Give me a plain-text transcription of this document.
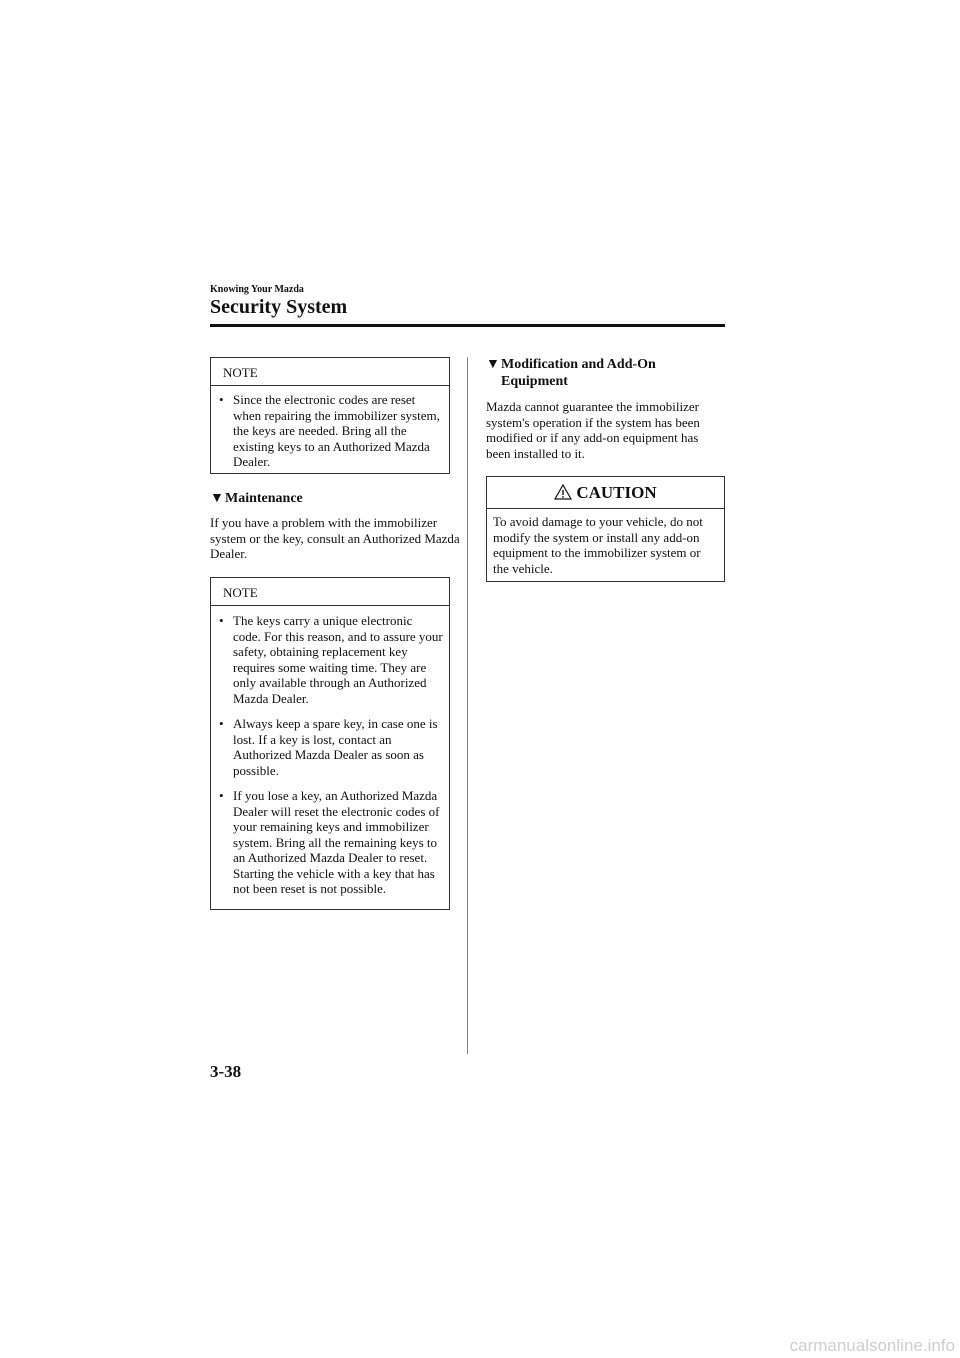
Knowing Your Mazda
Security System
NOTE
• Since the electronic codes are reset when repairing the immobilizer system, the keys are needed. Bring all the existing keys to an Authorized Mazda Dealer.
▼Maintenance
If you have a problem with the immobilizer system or the key, consult an Authorized Mazda Dealer.
NOTE
• The keys carry a unique electronic code. For this reason, and to assure your safety, obtaining replacement key requires some waiting time. They are only available through an Authorized Mazda Dealer.
• Always keep a spare key, in case one is lost. If a key is lost, contact an Authorized Mazda Dealer as soon as possible.
• If you lose a key, an Authorized Mazda Dealer will reset the electronic codes of your remaining keys and immobilizer system. Bring all the remaining keys to an Authorized Mazda Dealer to reset. Starting the vehicle with a key that has not been reset is not possible.
▼Modification and Add-On
Equipment
Mazda cannot guarantee the immobilizer system's operation if the system has been modified or if any add-on equipment has been installed to it.
CAUTION
To avoid damage to your vehicle, do not modify the system or install any add-on equipment to the immobilizer system or the vehicle.
3-38
carmanualsonline.info
